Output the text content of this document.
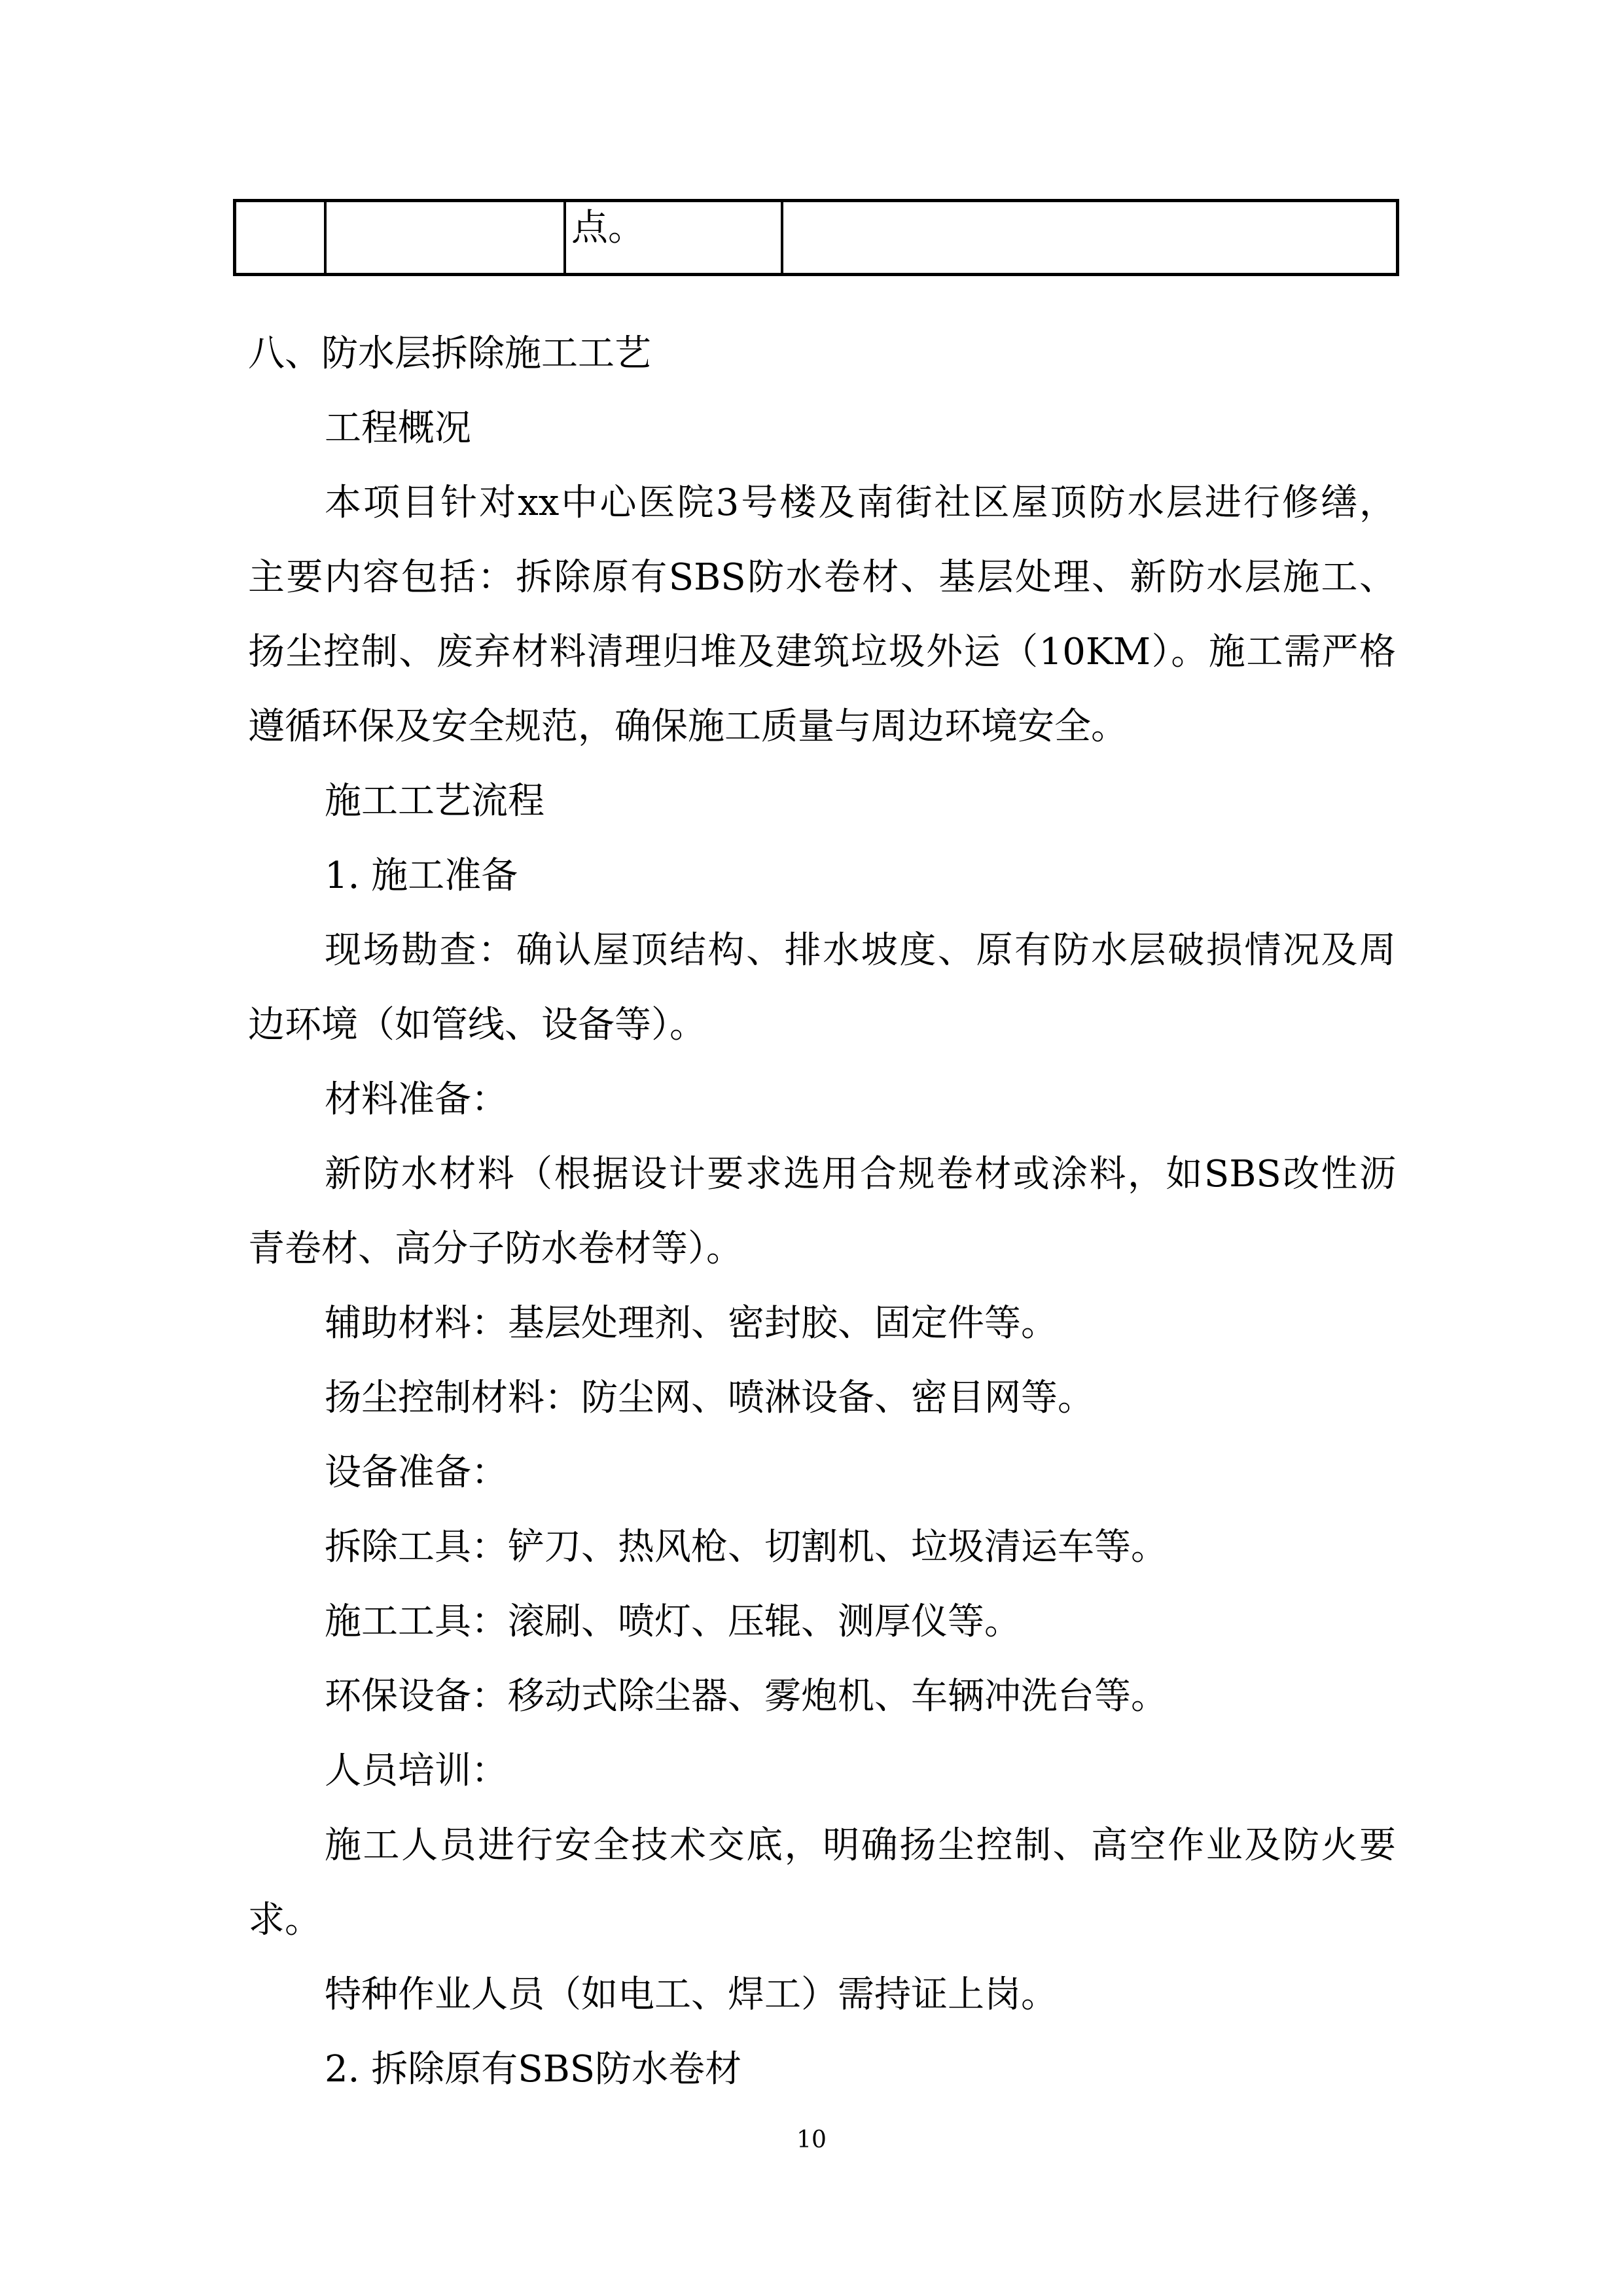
点。
八、防水层拆除施工工艺
工程概况
本项目针对xx中心医院3号楼及南街社区屋顶防水层进行修缮，
主要内容包括：拆除原有SBS防水卷材、基层处理、新防水层施工、
扬尘控制、废弃材料清理归堆及建筑垃圾外运（10KM）。施工需严格
遵循环保及安全规范，确保施工质量与周边环境安全。
施工工艺流程
1. 施工准备
现场勘查：确认屋顶结构、排水坡度、原有防水层破损情况及周
边环境（如管线、设备等）。
材料准备：
新防水材料（根据设计要求选用合规卷材或涂料，如SBS改性沥
青卷材、高分子防水卷材等）。
辅助材料：基层处理剂、密封胶、固定件等。
扬尘控制材料：防尘网、喷淋设备、密目网等。
设备准备：
拆除工具：铲刀、热风枪、切割机、垃圾清运车等。
施工工具：滚刷、喷灯、压辊、测厚仪等。
环保设备：移动式除尘器、雾炮机、车辆冲洗台等。
人员培训：
施工人员进行安全技术交底，明确扬尘控制、高空作业及防火要
求。
特种作业人员（如电工、焊工）需持证上岗。
2. 拆除原有SBS防水卷材
10
